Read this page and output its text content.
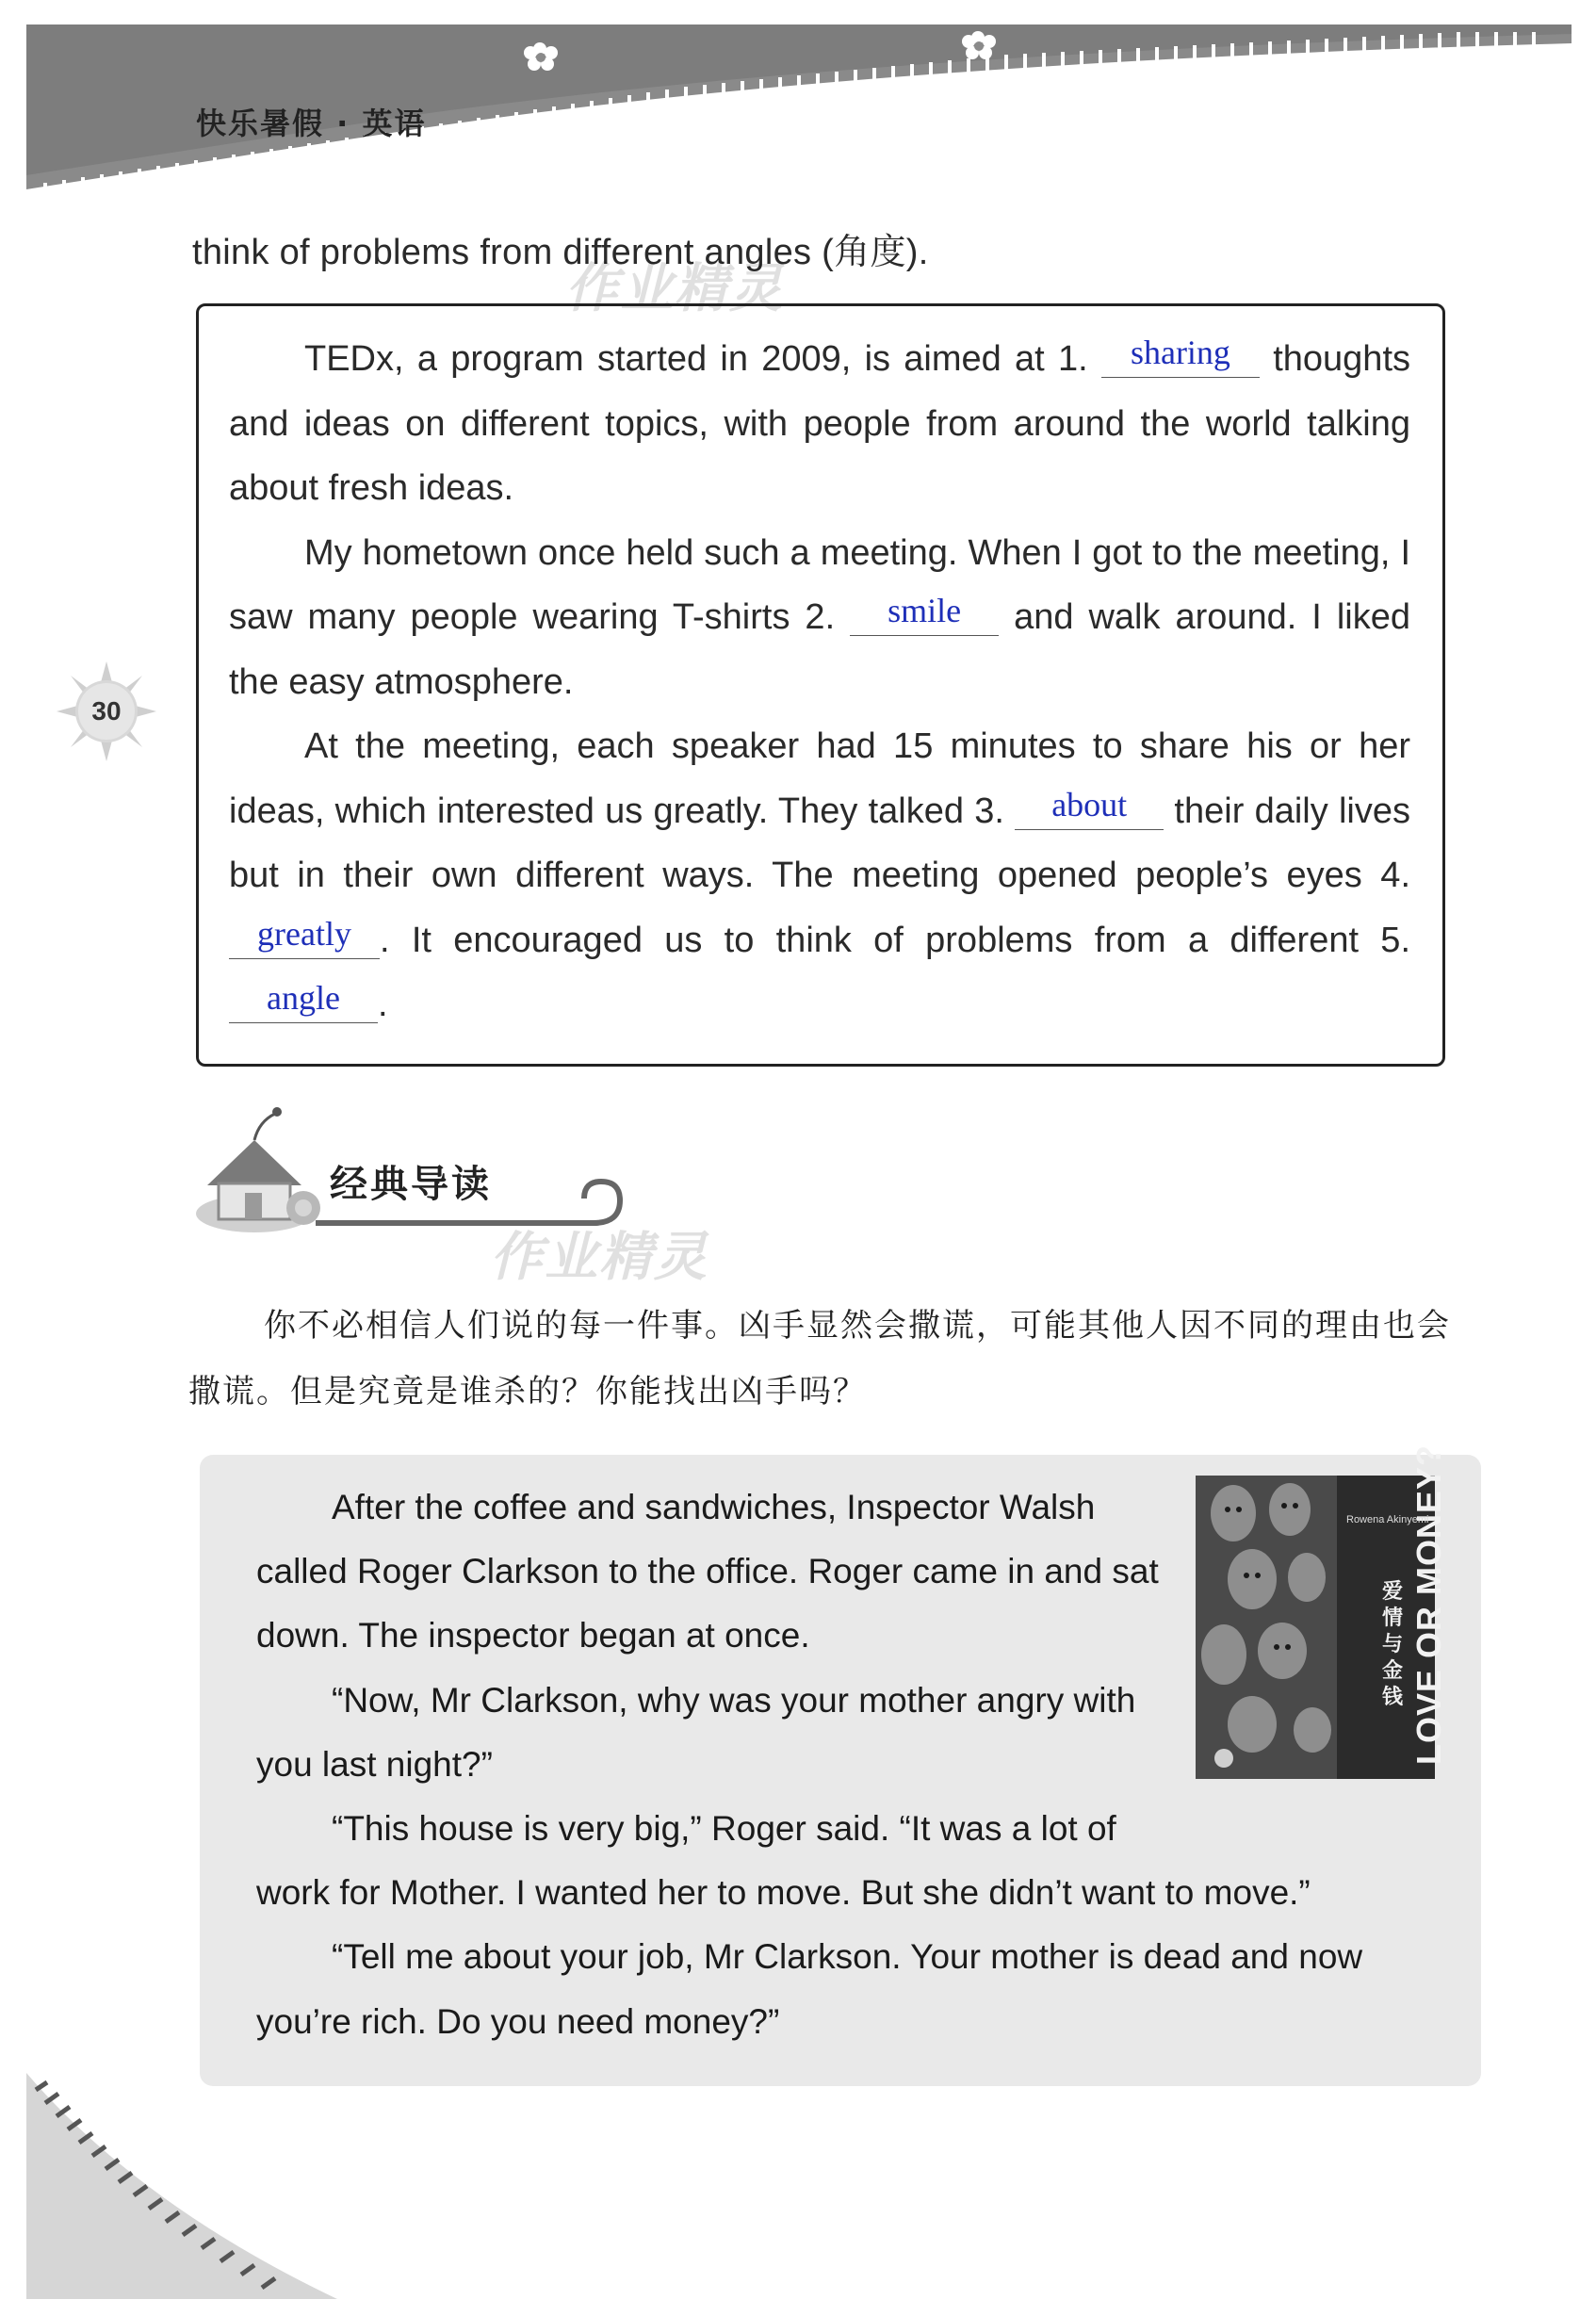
快乐暑假 · 英语
30
think of problems from different angles (角度).
作业精灵

TEDx, a program started in 2009, is aimed at 1. sharing thoughts and ideas on different topics, with people from around the world talking about fresh ideas.

My hometown once held such a meeting. When I got to the meeting, I saw many people wearing T-shirts 2.	smile	and walk around. I liked the easy atmosphere.

At the meeting, each speaker had 15 minutes to share his or her ideas, which interested us greatly. They talked 3.	about	their daily lives but in their own different ways. The meeting opened people’s eyes 4.
greatly . It encouraged us to think of problems from a different 5.
angle	.

经典导读
作业精灵

你不必相信人们说的每一件事。凶手显然会撒谎，可能其他人因不同的理由也会撒谎。但是究竟是谁杀的？你能找出凶手吗？

After the coffee and sandwiches, Inspector Walsh called Roger Clarkson to the office. Roger came in and sat down. The inspector began at once.

“Now, Mr Clarkson, why was your mother angry with you last night?”

“This house is very big,” Roger said. “It was a lot of

work for Mother. I wanted her to move. But she didn’t want to move.”

“Tell me about your job, Mr Clarkson. Your mother is dead and now you’re rich. Do you need money?”

LOVE OR MONEY?
Rowena Akinyemi
爱情与金钱
